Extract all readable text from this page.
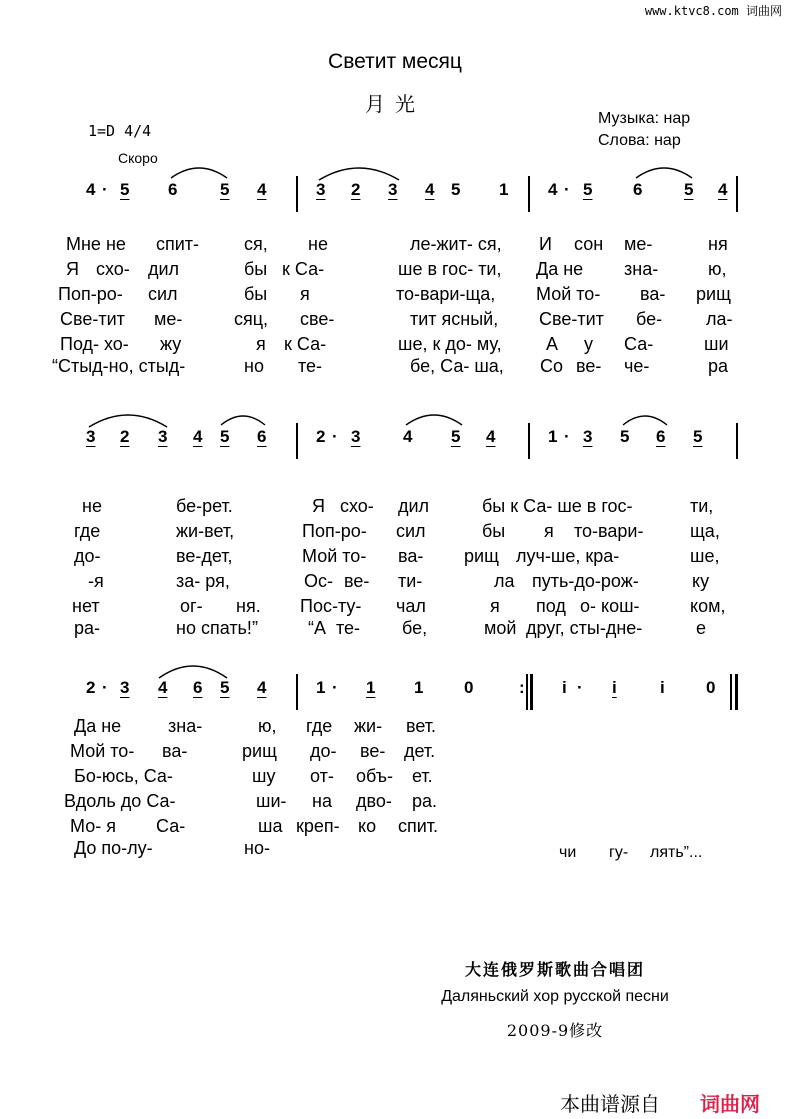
www.ktvc8.com 词曲网
Светит месяц
月光
1=D 4/4
Скоро
Музыка: нар
Слова: нар
4 · 5 6	5 4	3 2 3 4 5 1 4 · 5 6 5 4
Мне не спит- ся, не	ле-жит- ся, И сон ме-	ня
Я схо- дил	бы к Са-	ше в гос- ти, Да не зна-	ю,
Поп-ро- сил	бы я	то-вари-ща, Мой то- ва- рищ
Све-тит ме-	сяц, све-	тит ясный, Све-тит бе- ла-
Под- хо- жу	я к Са-	ше, к до- му, А у Са-	ши
“Стыд-но, стыд-	но те-	бе, Са- ша, Со ве- че-	ра
3 2 3 4 5 6	2 · 3	4 5 4	1 · 3 5 6 5
не	бе-рет.	Я схо- дил	бы к Са- ше в гос-	ти,
где	жи-вет,	Поп-ро- сил	бы я то-вари-	ща,
до-	ве-дет,	Мой то- ва- рищ луч-ше, кра-	ше,
-я	за- ря,	Ос- ве- ти-	ла путь-до-рож-	ку
нет	ог- ня. Пос-ту- чал	я под о- кош-	ком,
ра-	но спать!”	“А те- бе,	мой друг, сты-дне-	е
2 · 3 4 6 5 4	1 · 1 1 0	: i · i	i 0
Да не	зна-	ю, где жи- вет.
Мой то- ва-	рищ до- ве- дет.
Бо-юсь, Са-	шу от- объ- ет.
Вдоль до Са-	ши- на дво- ра.
Мо- я Са-	ша креп- ко спит.
До по-лу-	но-	чи гу- лять”...
大连俄罗斯歌曲合唱团
Даляньский хор русской песни
2009-9修改
本曲谱源自 词曲网
